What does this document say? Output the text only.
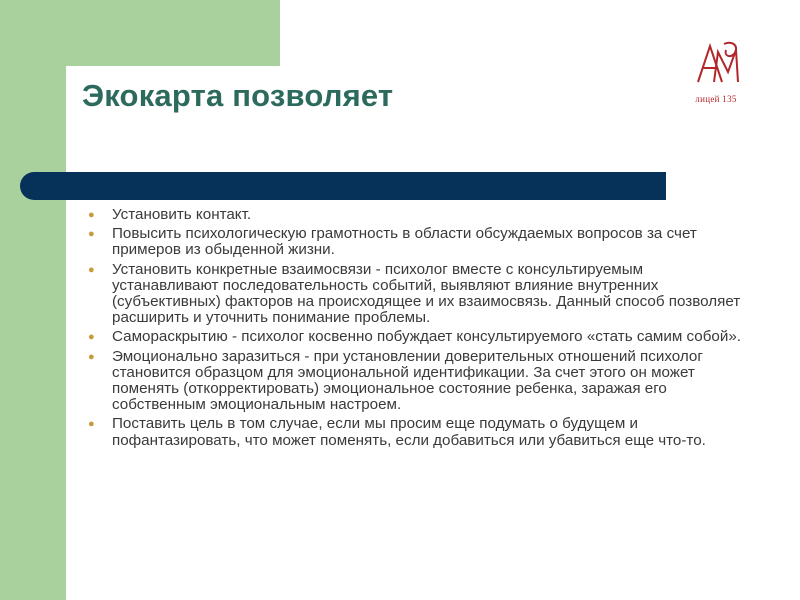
Экокарта позволяет	лицей 135
● Установить контакт.
● Повысить психологическую грамотность в области обсуждаемых вопросов за счет примеров из обыденной жизни.
● Установить конкретные взаимосвязи - психолог вместе с консультируемым устанавливают последовательность событий, выявляют влияние внутренних (субъективных) факторов на происходящее и их взаимосвязь. Данный способ позволяет расширить и уточнить понимание проблемы.
● Самораскрытию - психолог косвенно побуждает консультируемого «стать самим собой».
● Эмоционально заразиться - при установлении доверительных отношений психолог становится образцом для эмоциональной идентификации. За счет этого он может поменять (откорректировать) эмоциональное состояние ребенка, заражая его собственным эмоциональным настроем.
● Поставить цель в том случае, если мы просим еще подумать о будущем и пофантазировать, что может поменять, если добавиться или убавиться еще что-то.
